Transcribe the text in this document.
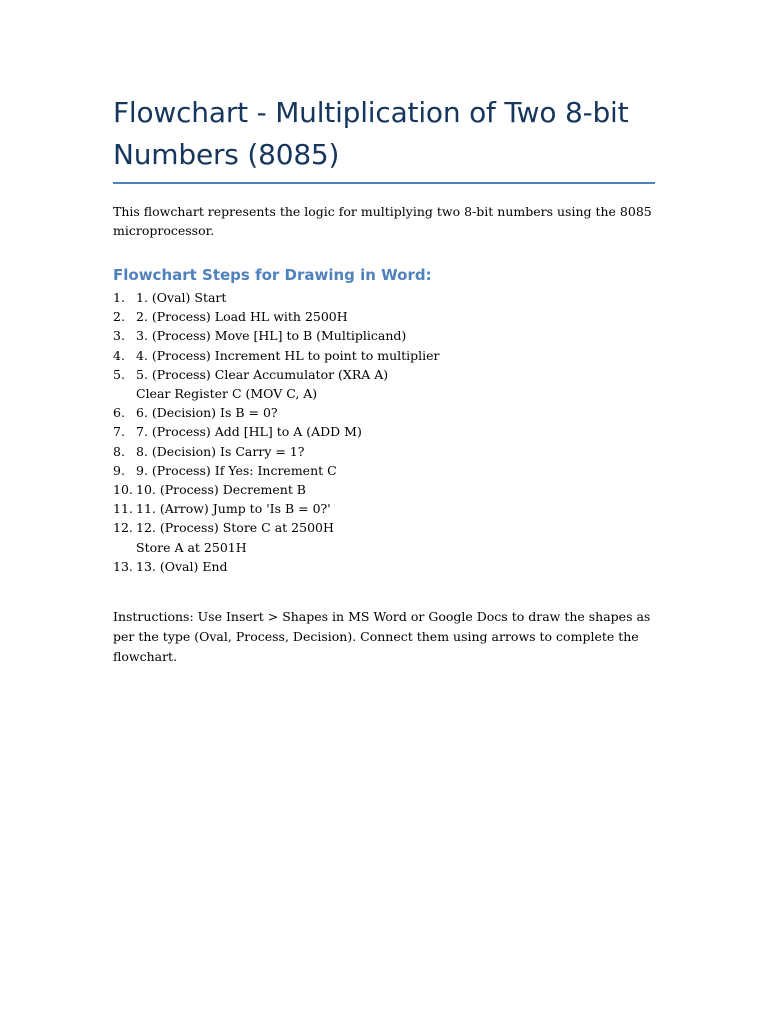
Flowchart - Multiplication of Two 8-bit Numbers (8085)

This flowchart represents the logic for multiplying two 8-bit numbers using the 8085 microprocessor.

Flowchart Steps for Drawing in Word:
1. 1. (Oval) Start
2. 2. (Process) Load HL with 2500H
3. 3. (Process) Move [HL] to B (Multiplicand)
4. 4. (Process) Increment HL to point to multiplier
5. 5. (Process) Clear Accumulator (XRA A)
Clear Register C (MOV C, A)
6. 6. (Decision) Is B = 0?
7. 7. (Process) Add [HL] to A (ADD M)
8. 8. (Decision) Is Carry = 1?
9. 9. (Process) If Yes: Increment C
10. 10. (Process) Decrement B
11. 11. (Arrow) Jump to 'Is B = 0?'
12. 12. (Process) Store C at 2500H
Store A at 2501H
13. 13. (Oval) End

Instructions: Use Insert > Shapes in MS Word or Google Docs to draw the shapes as per the type (Oval, Process, Decision). Connect them using arrows to complete the flowchart.
